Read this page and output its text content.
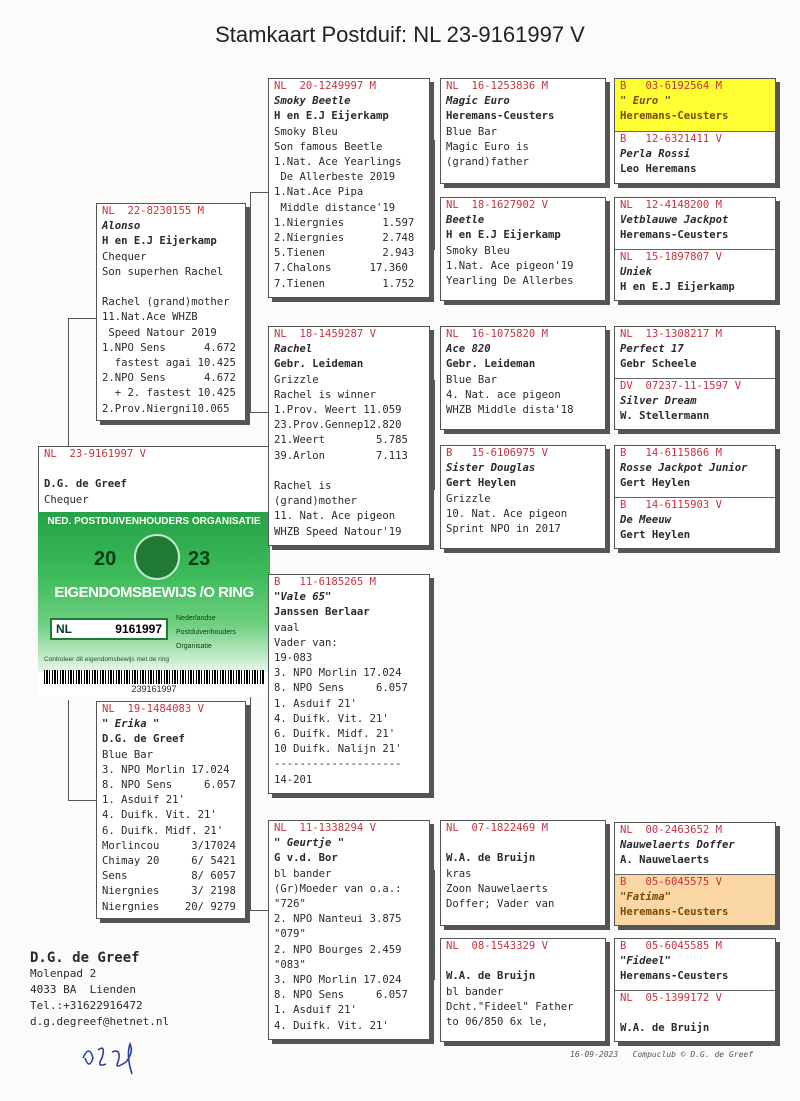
Stamkaart Postduif: NL 23-9161997 V
NL  23-9161997 V

D.G. de Greef
Chequer
NED. POSTDUIVENHOUDERS ORGANISATIE
20	23
EIGENDOMSBEWIJS /O RING
NL	9161997
Nederlandse
Postduivenhouders
Organisatie
Controleer dit eigendomsbewijs met de ring
239161997
NL  22-8230155 M
Alonso
H en E.J Eijerkamp
Chequer
Son superhen Rachel

Rachel (grand)mother
11.Nat.Ace WHZB
Speed Natour 2019
1.NPO Sens      4.672
fastest agai 10.425
2.NPO Sens      4.672
+ 2. fastest 10.425
2.Prov.Niergni10.065
NL  19-1484083 V
" Erika "
D.G. de Greef
Blue Bar
3. NPO Morlin 17.024
8. NPO Sens     6.057
1. Asduif 21'
4. Duifk. Vit. 21'
6. Duifk. Midf. 21'
Morlincou     3/17024
Chimay 20     6/ 5421
Sens          8/ 6057
Niergnies     3/ 2198
Niergnies    20/ 9279
NL  20-1249997 M
Smoky Beetle
H en E.J Eijerkamp
Smoky Bleu
Son famous Beetle
1.Nat. Ace Yearlings
De Allerbeste 2019
1.Nat.Ace Pipa
Middle distance'19
1.Niergnies      1.597
2.Niergnies      2.748
5.Tienen         2.943
7.Chalons      17.360
7.Tienen         1.752
NL  18-1459287 V
Rachel
Gebr. Leideman
Grizzle
Rachel is winner
1.Prov. Weert 11.059
23.Prov.Gennep12.820
21.Weert        5.785
39.Arlon        7.113

Rachel is
(grand)mother
11. Nat. Ace pigeon
WHZB Speed Natour'19
B   11-6185265 M
"Vale 65"
Janssen Berlaar
vaal
Vader van:
19-083
3. NPO Morlin 17.024
8. NPO Sens     6.057
1. Asduif 21'
4. Duifk. Vit. 21'
6. Duifk. Midf. 21'
10 Duifk. Nalijn 21'
--------------------
14-201
NL  11-1338294 V
" Geurtje "
G v.d. Bor
bl bander
(Gr)Moeder van o.a.:
"726"
2. NPO Nanteui 3.875
"079"
2. NPO Bourges 2.459
"083"
3. NPO Morlin 17.024
8. NPO Sens     6.057
1. Asduif 21'
4. Duifk. Vit. 21'
NL  16-1253836 M
Magic Euro
Heremans-Ceusters
Blue Bar
Magic Euro is
(grand)father
NL  18-1627902 V
Beetle
H en E.J Eijerkamp
Smoky Bleu
1.Nat. Ace pigeon'19
Yearling De Allerbes
NL  16-1075820 M
Ace 820
Gebr. Leideman
Blue Bar
4. Nat. ace pigeon
WHZB Middle dista'18
B   15-6106975 V
Sister Douglas
Gert Heylen
Grizzle
10. Nat. Ace pigeon
Sprint NPO in 2017
NL  07-1822469 M

W.A. de Bruijn
kras
Zoon Nauwelaerts
Doffer; Vader van
NL  08-1543329 V

W.A. de Bruijn
bl bander
Dcht."Fideel" Father
to 06/850 6x le,
B   03-6192564 M
" Euro "
Heremans-Ceusters
B   12-6321411 V
Perla Rossi
Leo Heremans
NL  12-4148200 M
Vetblauwe Jackpot
Heremans-Ceusters
NL  15-1897807 V
Uniek
H en E.J Eijerkamp
NL  13-1308217 M
Perfect 17
Gebr Scheele
DV  07237-11-1597 V
Silver Dream
W. Stellermann
B   14-6115866 M
Rosse Jackpot Junior
Gert Heylen
B   14-6115903 V
De Meeuw
Gert Heylen
NL  00-2463652 M
Nauwelaerts Doffer
A. Nauwelaerts
B   05-6045575 V
"Fatima"
Heremans-Ceusters
B   05-6045585 M
"Fideel"
Heremans-Ceusters
NL  05-1399172 V

W.A. de Bruijn
D.G. de Greef
Molenpad 2
4033 BA  Lienden
Tel.:+31622916472
d.g.degreef@hetnet.nl
16-09-2023   Compuclub © D.G. de Greef
